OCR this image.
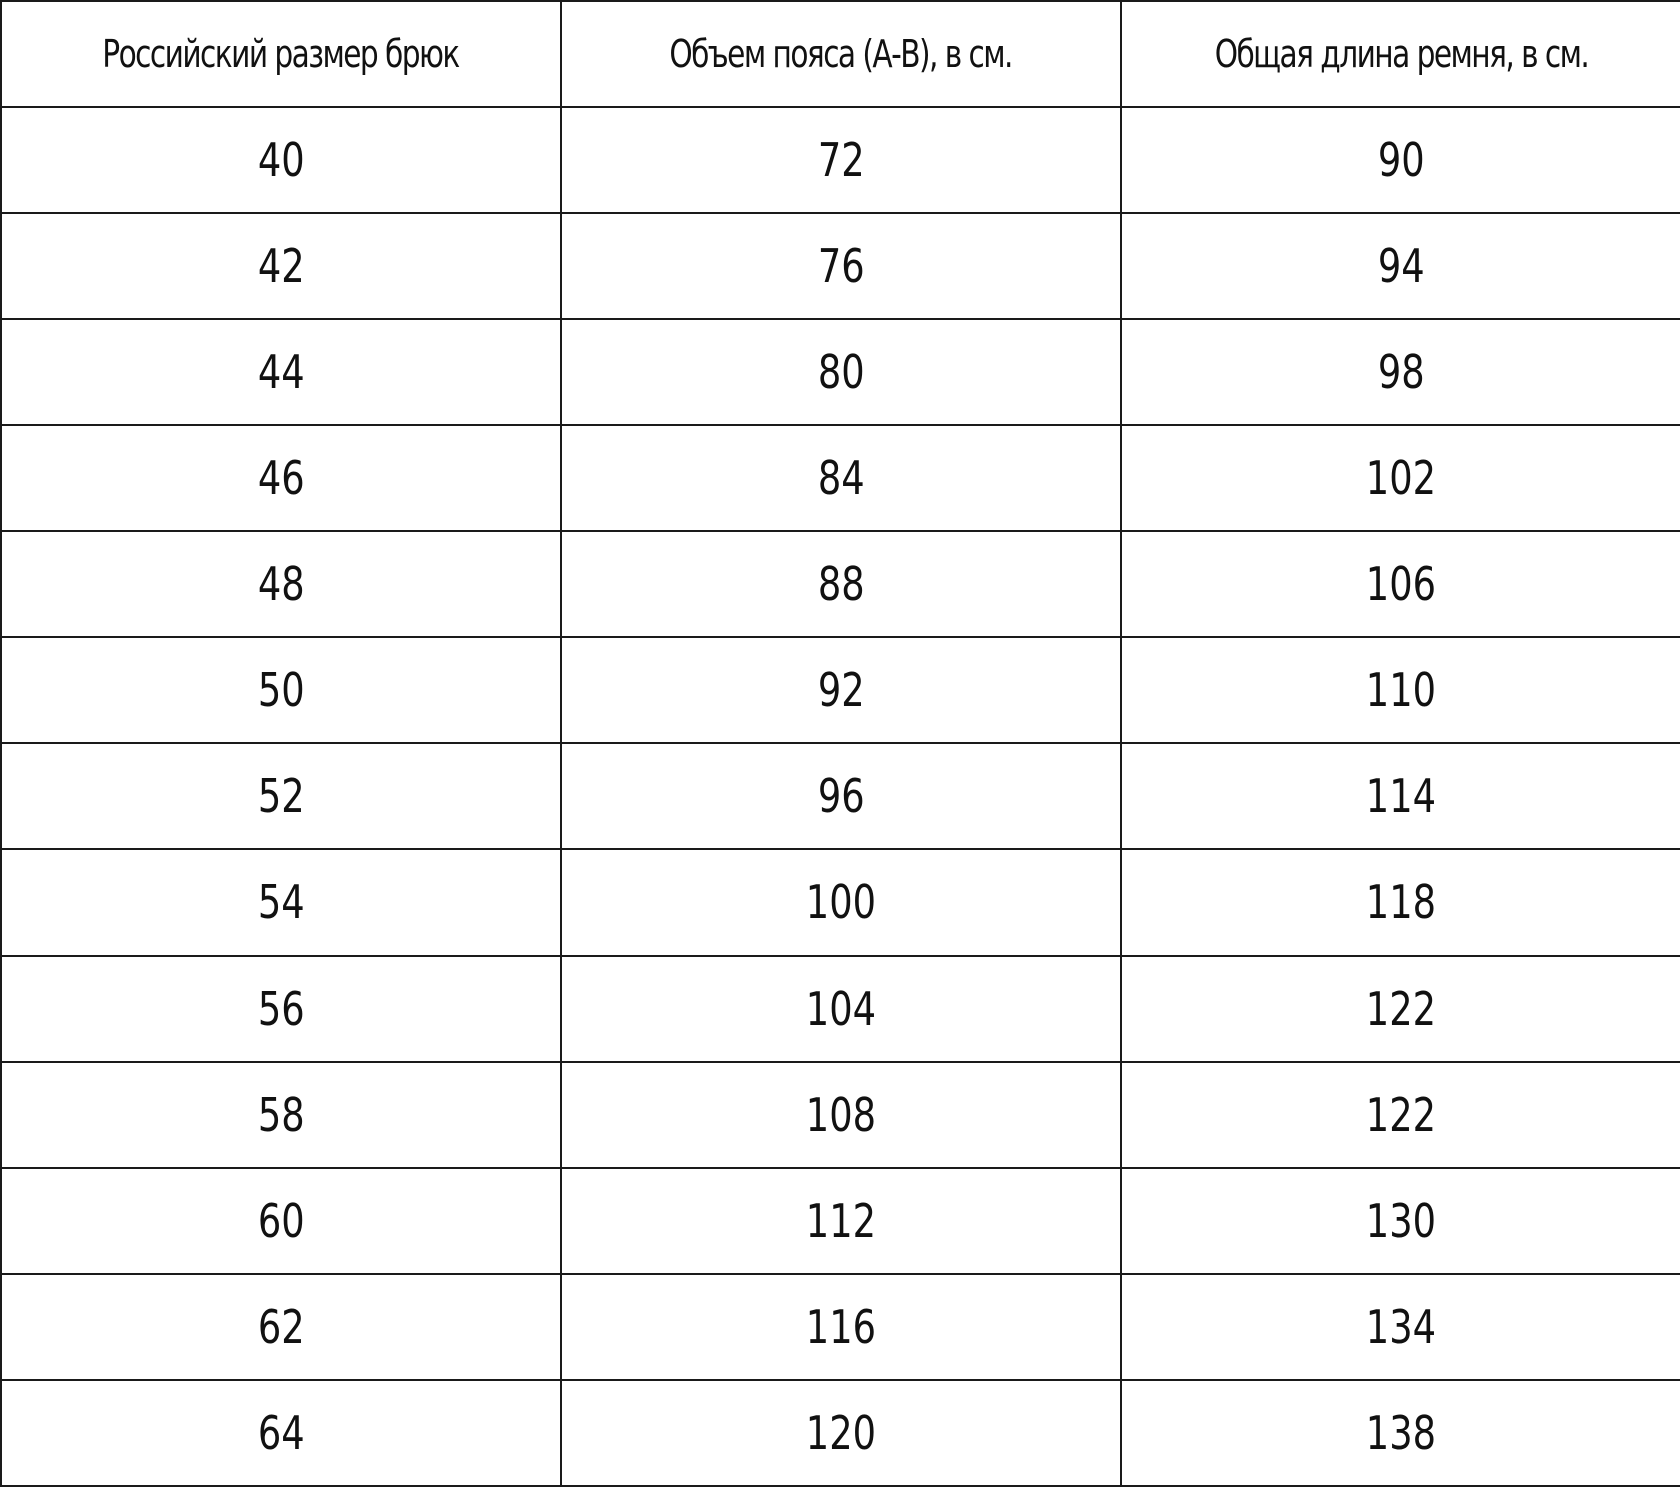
Российский размер брюк	Объем пояса (А-В), в см.	Общая длина ремня, в см.
40	72	90
42	76	94
44	80	98
46	84	102
48	88	106
50	92	110
52	96	114
54	100	118
56	104	122
58	108	122
60	112	130
62	116	134
64	120	138
